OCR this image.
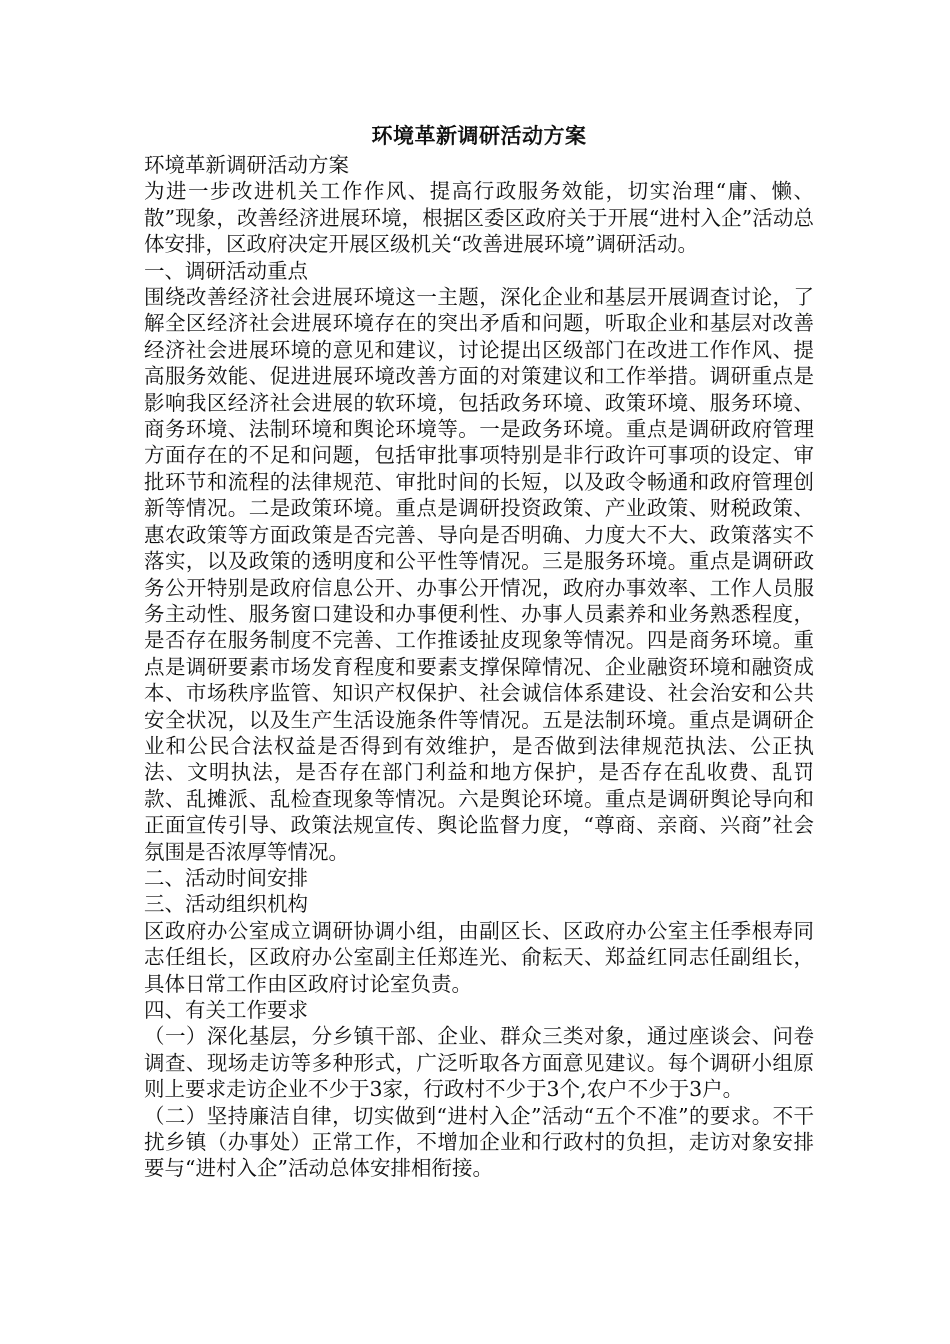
环境革新调研活动方案

环境革新调研活动方案

为进一步改进机关工作作风、提高行政服务效能，切实治理“庸、懒、散”现象，改善经济进展环境，根据区委区政府关于开展“进村入企”活动总体安排，区政府决定开展区级机关“改善进展环境”调研活动。

一、调研活动重点

围绕改善经济社会进展环境这一主题，深化企业和基层开展调查讨论，了解全区经济社会进展环境存在的突出矛盾和问题，听取企业和基层对改善经济社会进展环境的意见和建议，讨论提出区级部门在改进工作作风、提高服务效能、促进进展环境改善方面的对策建议和工作举措。调研重点是影响我区经济社会进展的软环境，包括政务环境、政策环境、服务环境、商务环境、法制环境和舆论环境等。一是政务环境。重点是调研政府管理方面存在的不足和问题，包括审批事项特别是非行政许可事项的设定、审批环节和流程的法律规范、审批时间的长短，以及政令畅通和政府管理创新等情况。二是政策环境。重点是调研投资政策、产业政策、财税政策、惠农政策等方面政策是否完善、导向是否明确、力度大不大、政策落实不落实，以及政策的透明度和公平性等情况。三是服务环境。重点是调研政务公开特别是政府信息公开、办事公开情况，政府办事效率、工作人员服务主动性、服务窗口建设和办事便利性、办事人员素养和业务熟悉程度，是否存在服务制度不完善、工作推诿扯皮现象等情况。四是商务环境。重点是调研要素市场发育程度和要素支撑保障情况、企业融资环境和融资成本、市场秩序监管、知识产权保护、社会诚信体系建设、社会治安和公共安全状况，以及生产生活设施条件等情况。五是法制环境。重点是调研企业和公民合法权益是否得到有效维护，是否做到法律规范执法、公正执法、文明执法，是否存在部门利益和地方保护，是否存在乱收费、乱罚款、乱摊派、乱检查现象等情况。六是舆论环境。重点是调研舆论导向和正面宣传引导、政策法规宣传、舆论监督力度，“尊商、亲商、兴商”社会氛围是否浓厚等情况。

二、活动时间安排

三、活动组织机构

区政府办公室成立调研协调小组，由副区长、区政府办公室主任季根寿同志任组长，区政府办公室副主任郑连光、俞耘天、郑益红同志任副组长，具体日常工作由区政府讨论室负责。

四、有关工作要求

（一）深化基层，分乡镇干部、企业、群众三类对象，通过座谈会、问卷调查、现场走访等多种形式，广泛听取各方面意见建议。每个调研小组原则上要求走访企业不少于3家，行政村不少于3个,农户不少于3户。

（二）坚持廉洁自律，切实做到“进村入企”活动“五个不准”的要求。不干扰乡镇（办事处）正常工作，不增加企业和行政村的负担，走访对象安排要与“进村入企”活动总体安排相衔接。
